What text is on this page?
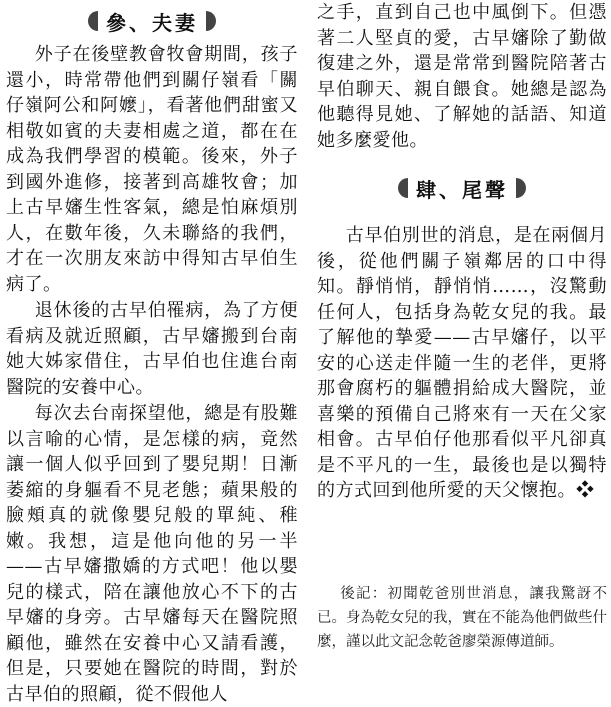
參、夫妻

外子在後壁教會牧會期間，孩子還小，時常帶他們到關仔嶺看「關仔嶺阿公和阿嬤」，看著他們甜蜜又相敬如賓的夫妻相處之道，都在在成為我們學習的模範。後來，外子到國外進修，接著到高雄牧會；加上古早嬸生性客氣，總是怕麻煩別人，在數年後，久未聯絡的我們，才在一次朋友來訪中得知古早伯生病了。

退休後的古早伯罹病，為了方便看病及就近照顧，古早嬸搬到台南她大姊家借住，古早伯也住進台南醫院的安養中心。

每次去台南探望他，總是有股難以言喻的心情，是怎樣的病，竟然讓一個人似乎回到了嬰兒期！日漸萎縮的身軀看不見老態；蘋果般的臉頰真的就像嬰兒般的單純、稚嫩。我想，這是他向他的另一半——古早嬸撒嬌的方式吧！他以嬰兒的樣式，陪在讓他放心不下的古早嬸的身旁。古早嬸每天在醫院照顧他，雖然在安養中心又請看護，但是，只要她在醫院的時間，對於古早伯的照顧，從不假他人

之手，直到自己也中風倒下。但憑著二人堅貞的愛，古早嬸除了勤做復建之外，還是常常到醫院陪著古早伯聊天、親自餵食。她總是認為他聽得見她、了解她的話語、知道她多麼愛他。

肆、尾聲

古早伯別世的消息，是在兩個月後，從他們關子嶺鄰居的口中得知。靜悄悄，靜悄悄……，沒驚動任何人，包括身為乾女兒的我。最了解他的摯愛——古早嬸仔，以平安的心送走伴隨一生的老伴，更將那會腐朽的軀體捐給成大醫院，並喜樂的預備自己將來有一天在父家相會。古早伯仔他那看似平凡卻真是不平凡的一生，最後也是以獨特的方式回到他所愛的天父懷抱。❖

後記：初聞乾爸別世消息，讓我驚訝不已。身為乾女兒的我，實在不能為他們做些什麼，謹以此文記念乾爸廖榮源傳道師。
